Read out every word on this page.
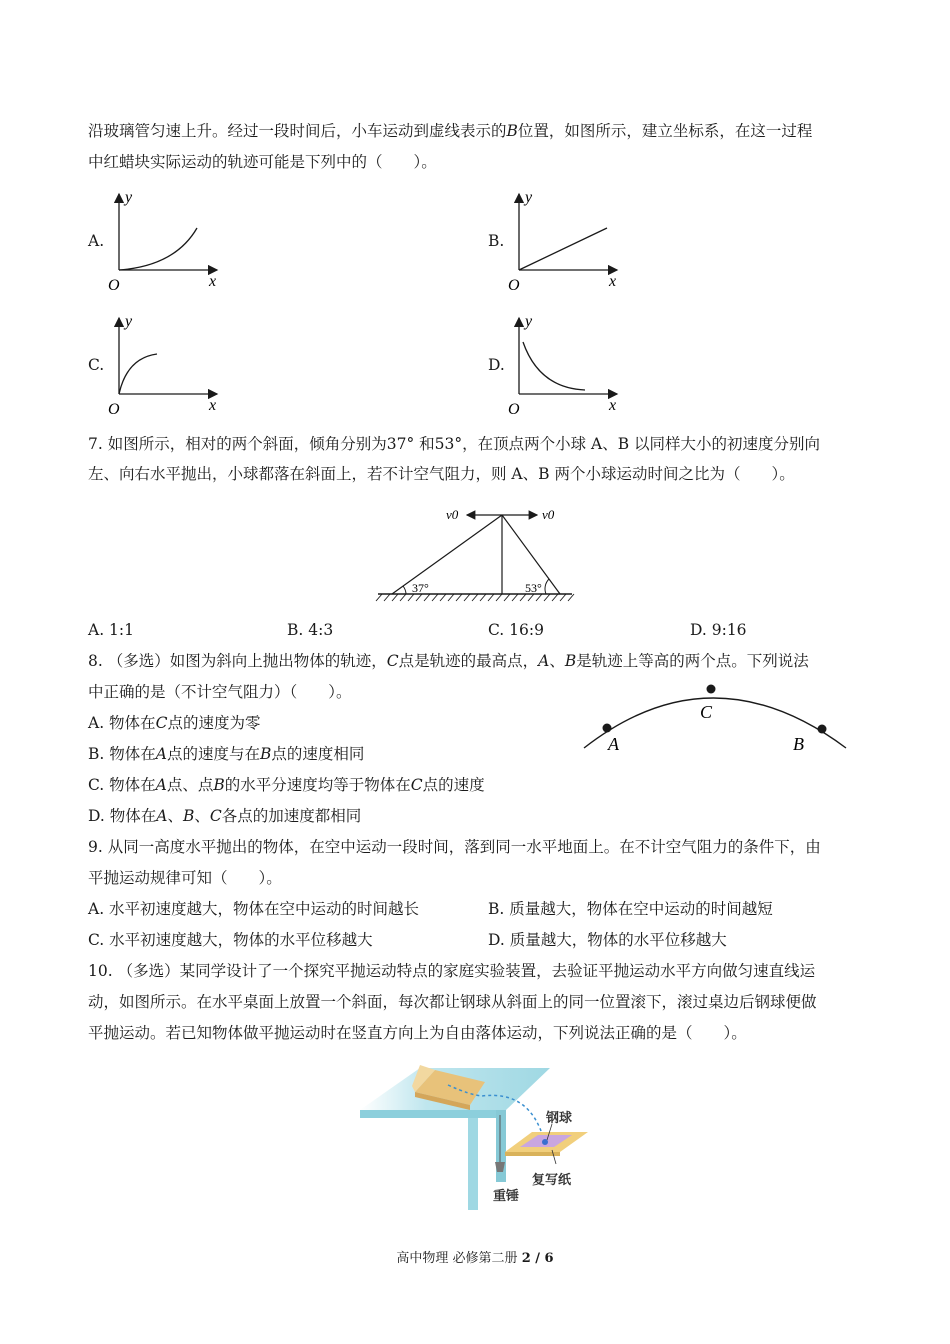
沿玻璃管匀速上升。经过一段时间后，小车运动到虚线表示的B位置，如图所示，建立坐标系，在这一过程
中红蜡块实际运动的轨迹可能是下列中的（　　）。
A.
y
x
O
B.
y
x
O
C.
y
x
O
D.
y
x
O
7. 如图所示，相对的两个斜面，倾角分别为37° 和53°，在顶点两个小球 A、B 以同样大小的初速度分别向
左、向右水平抛出，小球都落在斜面上，若不计空气阻力，则 A、B 两个小球运动时间之比为（　　）。
v0	v0
37°	53°
A. 1:1	B. 4:3	C. 16:9	D. 9:16
8. （多选）如图为斜向上抛出物体的轨迹，C点是轨迹的最高点，A、B是轨迹上等高的两个点。下列说法
中正确的是（不计空气阻力）（　　）。
A. 物体在C点的速度为零
B. 物体在A点的速度与在B点的速度相同
C. 物体在A点、点B的水平分速度均等于物体在C点的速度
D. 物体在A、B、C各点的加速度都相同
A
C
B
9. 从同一高度水平抛出的物体，在空中运动一段时间，落到同一水平地面上。在不计空气阻力的条件下，由
平抛运动规律可知（　　）。
A. 水平初速度越大，物体在空中运动的时间越长	B. 质量越大，物体在空中运动的时间越短
C. 水平初速度越大，物体的水平位移越大	D. 质量越大，物体的水平位移越大
10. （多选）某同学设计了一个探究平抛运动特点的家庭实验装置，去验证平抛运动水平方向做匀速直线运
动，如图所示。在水平桌面上放置一个斜面，每次都让钢球从斜面上的同一位置滚下，滚过桌边后钢球便做
平抛运动。若已知物体做平抛运动时在竖直方向上为自由落体运动，下列说法正确的是（　　）。
钢球
复写纸
重锤
高中物理 必修第二册 2 / 6
